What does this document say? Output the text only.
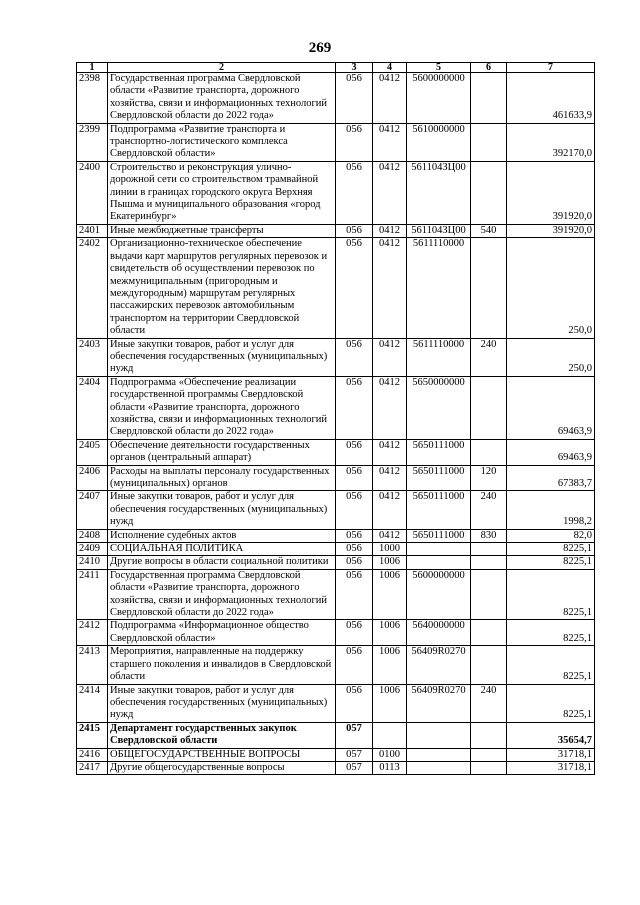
269
1	2	3	4	5	6	7
2398	Государственная программа Свердловской области «Развитие транспорта, дорожного хозяйства, связи и информационных технологий Свердловской области до 2022 года»	056	0412	5600000000		461633,9
2399	Подпрограмма «Развитие транспорта и транспортно-логистического комплекса Свердловской области»	056	0412	5610000000		392170,0
2400	Строительство и реконструкция улично-дорожной сети со строительством трамвайной линии в границах городского округа Верхняя Пышма и муниципального образования «город Екатеринбург»	056	0412	561104ЗЦ00		391920,0
2401	Иные межбюджетные трансферты	056	0412	561104ЗЦ00	540	391920,0
2402	Организационно-техническое обеспечение выдачи карт маршрутов регулярных перевозок и свидетельств об осуществлении перевозок по межмуниципальным (пригородным и междугородным) маршрутам регулярных пассажирских перевозок автомобильным транспортом на территории Свердловской области	056	0412	5611110000		250,0
2403	Иные закупки товаров, работ и услуг для обеспечения государственных (муниципальных) нужд	056	0412	5611110000	240	250,0
2404	Подпрограмма «Обеспечение реализации государственной программы Свердловской области «Развитие транспорта, дорожного хозяйства, связи и информационных технологий Свердловской области до 2022 года»	056	0412	5650000000		69463,9
2405	Обеспечение деятельности государственных органов (центральный аппарат)	056	0412	5650111000		69463,9
2406	Расходы на выплаты персоналу государственных (муниципальных) органов	056	0412	5650111000	120	67383,7
2407	Иные закупки товаров, работ и услуг для обеспечения государственных (муниципальных) нужд	056	0412	5650111000	240	1998,2
2408	Исполнение судебных актов	056	0412	5650111000	830	82,0
2409	СОЦИАЛЬНАЯ ПОЛИТИКА	056	1000			8225,1
2410	Другие вопросы в области социальной политики	056	1006			8225,1
2411	Государственная программа Свердловской области «Развитие транспорта, дорожного хозяйства, связи и информационных технологий Свердловской области до 2022 года»	056	1006	5600000000		8225,1
2412	Подпрограмма «Информационное общество Свердловской области»	056	1006	5640000000		8225,1
2413	Мероприятия, направленные на поддержку старшего поколения и инвалидов в Свердловской области	056	1006	56409R0270		8225,1
2414	Иные закупки товаров, работ и услуг для обеспечения государственных (муниципальных) нужд	056	1006	56409R0270	240	8225,1
2415	Департамент государственных закупок Свердловской области	057				35654,7
2416	ОБЩЕГОСУДАРСТВЕННЫЕ ВОПРОСЫ	057	0100			31718,1
2417	Другие общегосударственные вопросы	057	0113			31718,1
